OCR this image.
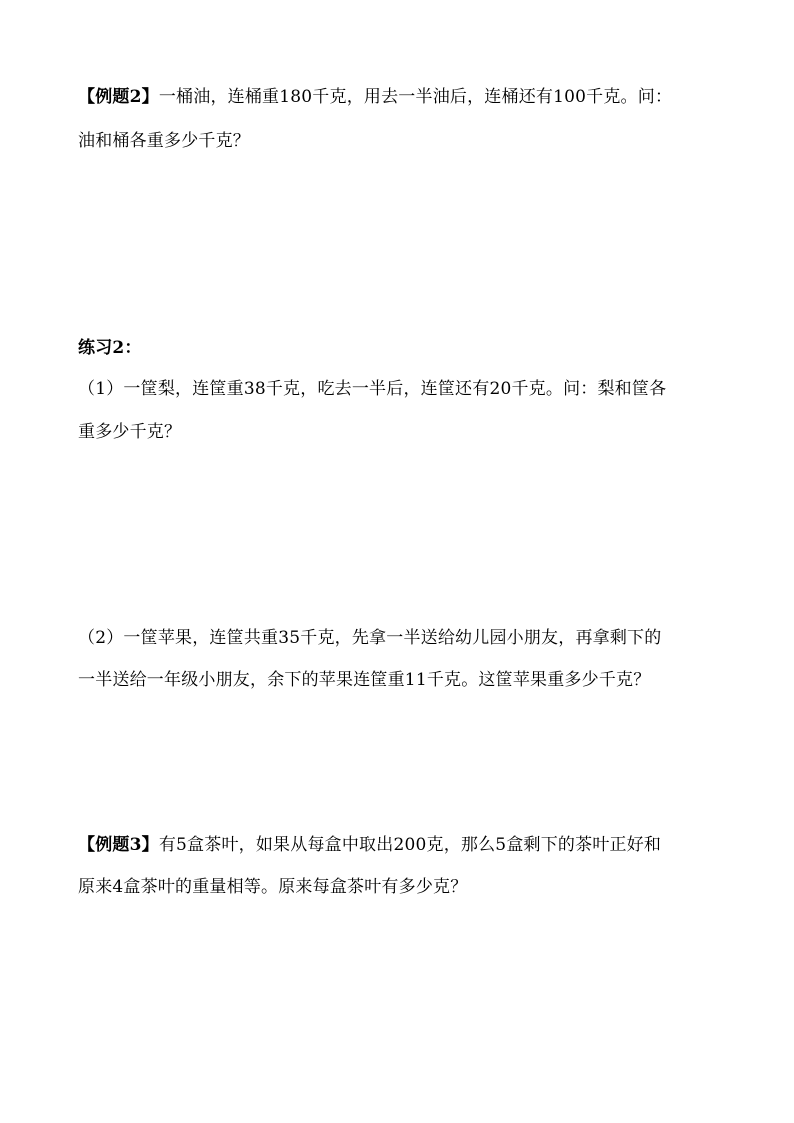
【例题2】一桶油，连桶重180千克，用去一半油后，连桶还有100千克。问：
油和桶各重多少千克？
练习2：
（1）一筐梨，连筐重38千克，吃去一半后，连筐还有20千克。问：梨和筐各
重多少千克？
（2）一筐苹果，连筐共重35千克，先拿一半送给幼儿园小朋友，再拿剩下的
一半送给一年级小朋友，余下的苹果连筐重11千克。这筐苹果重多少千克？
【例题3】有5盒茶叶，如果从每盒中取出200克，那么5盒剩下的茶叶正好和
原来4盒茶叶的重量相等。原来每盒茶叶有多少克？
